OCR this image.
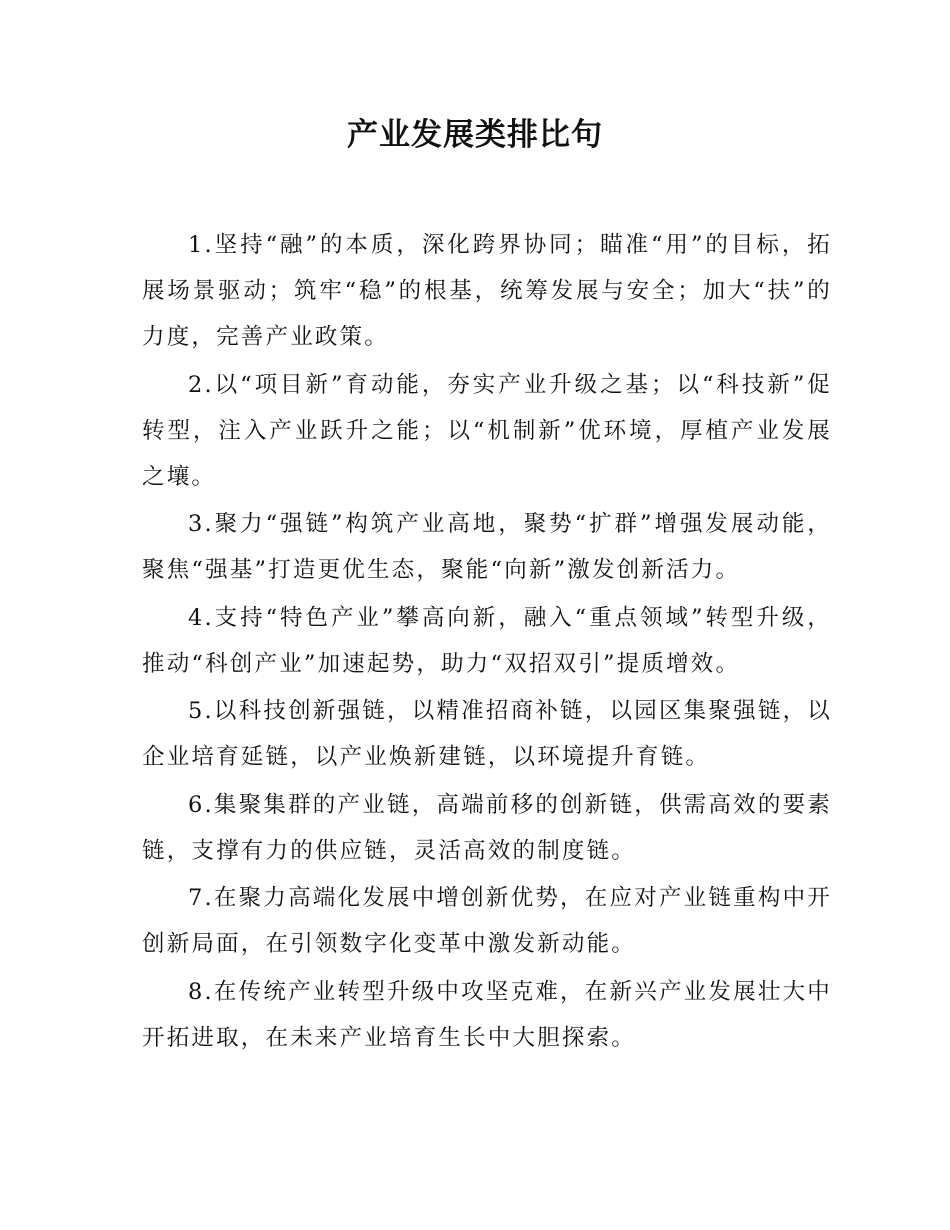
产业发展类排比句

1.坚持“融”的本质，深化跨界协同；瞄准“用”的目标，拓展场景驱动；筑牢“稳”的根基，统筹发展与安全；加大“扶”的力度，完善产业政策。

2.以“项目新”育动能，夯实产业升级之基；以“科技新”促转型，注入产业跃升之能；以“机制新”优环境，厚植产业发展之壤。

3.聚力“强链”构筑产业高地，聚势“扩群”增强发展动能，聚焦“强基”打造更优生态，聚能“向新”激发创新活力。

4.支持“特色产业”攀高向新，融入“重点领域”转型升级，推动“科创产业”加速起势，助力“双招双引”提质增效。

5.以科技创新强链，以精准招商补链，以园区集聚强链，以企业培育延链，以产业焕新建链，以环境提升育链。

6.集聚集群的产业链，高端前移的创新链，供需高效的要素链，支撑有力的供应链，灵活高效的制度链。

7.在聚力高端化发展中增创新优势，在应对产业链重构中开创新局面，在引领数字化变革中激发新动能。

8.在传统产业转型升级中攻坚克难，在新兴产业发展壮大中开拓进取，在未来产业培育生长中大胆探索。
